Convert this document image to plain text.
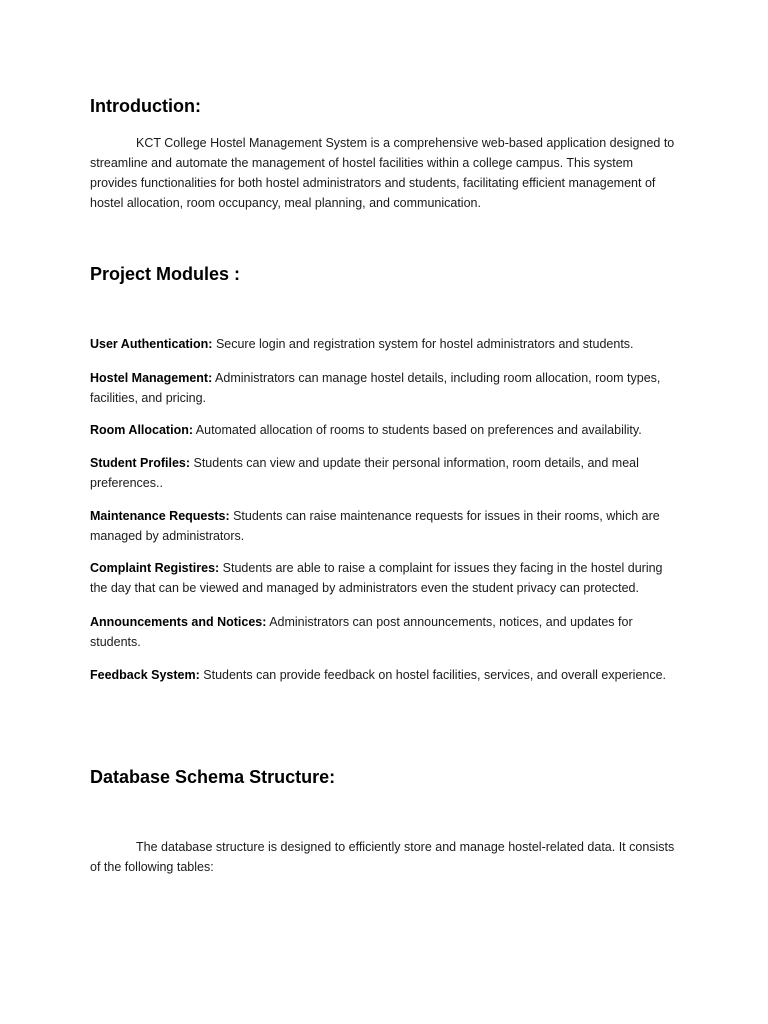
Introduction:

KCT College Hostel Management System is a comprehensive web-based application designed to streamline and automate the management of hostel facilities within a college campus. This system provides functionalities for both hostel administrators and students, facilitating efficient management of hostel allocation, room occupancy, meal planning, and communication.

Project Modules :

User Authentication: Secure login and registration system for hostel administrators and students.

Hostel Management: Administrators can manage hostel details, including room allocation, room types, facilities, and pricing.

Room Allocation: Automated allocation of rooms to students based on preferences and availability.

Student Profiles: Students can view and update their personal information, room details, and meal preferences..

Maintenance Requests: Students can raise maintenance requests for issues in their rooms, which are managed by administrators.

Complaint Registires: Students are able to raise a complaint for issues they facing in the hostel during the day that can be viewed and managed by administrators even the student privacy can protected.

Announcements and Notices: Administrators can post announcements, notices, and updates for students.

Feedback System: Students can provide feedback on hostel facilities, services, and overall experience.

Database Schema Structure:

The database structure is designed to efficiently store and manage hostel-related data. It consists of the following tables:
